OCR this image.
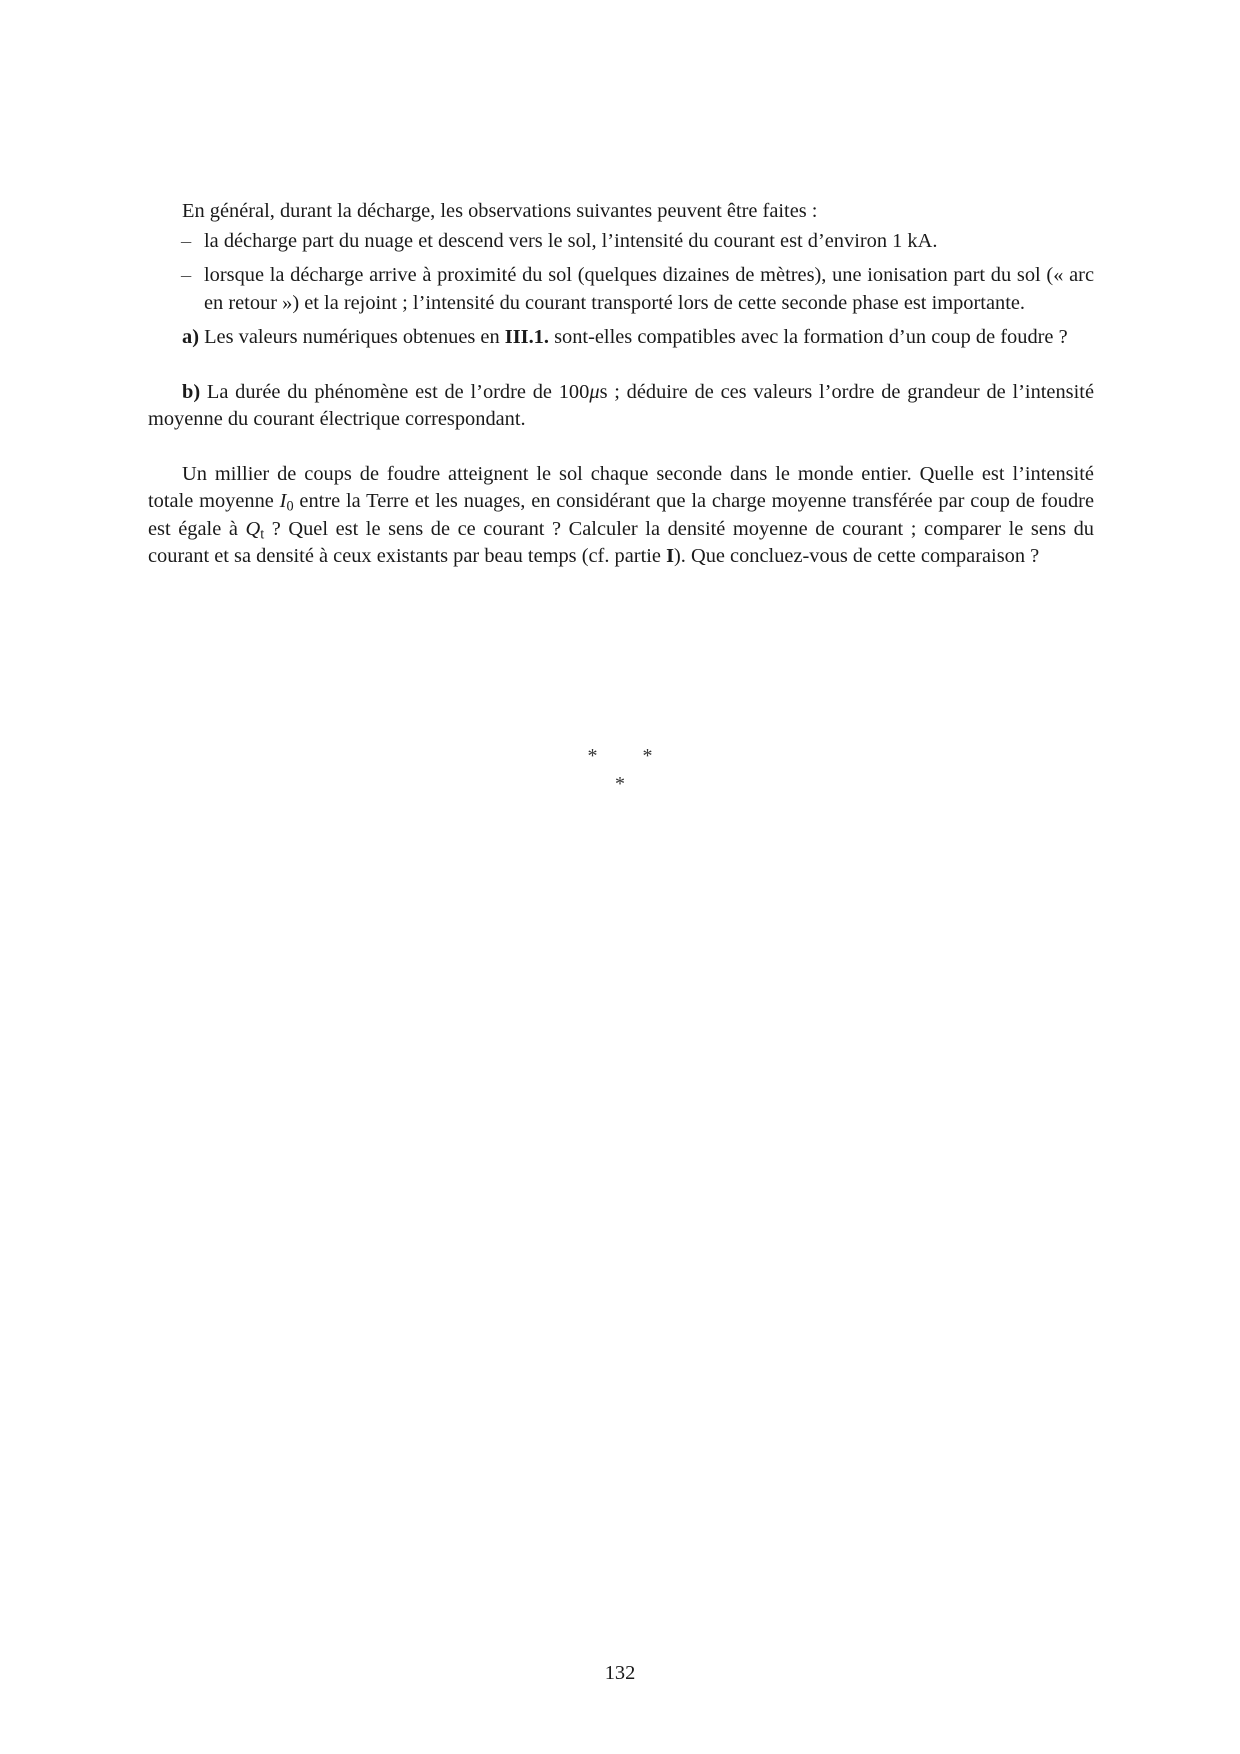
En général, durant la décharge, les observations suivantes peuvent être faites :

– la décharge part du nuage et descend vers le sol, l’intensité du courant est d’environ 1 kA.
– lorsque la décharge arrive à proximité du sol (quelques dizaines de mètres), une ionisation part du sol (« arc en retour ») et la rejoint ; l’intensité du courant transporté lors de cette seconde phase est importante.

a) Les valeurs numériques obtenues en III.1. sont-elles compatibles avec la formation d’un coup de foudre ?

b) La durée du phénomène est de l’ordre de 100μs ; déduire de ces valeurs l’ordre de grandeur de l’intensité moyenne du courant électrique correspondant.

Un millier de coups de foudre atteignent le sol chaque seconde dans le monde entier. Quelle est l’intensité totale moyenne $I_0$ entre la Terre et les nuages, en considérant que la charge moyenne transférée par coup de foudre est égale à $Q_t$ ? Quel est le sens de ce courant ? Calculer la densité moyenne de courant ; comparer le sens du courant et sa densité à ceux existants par beau temps (cf. partie I). Que concluez-vous de cette comparaison ?

* *
*
132
